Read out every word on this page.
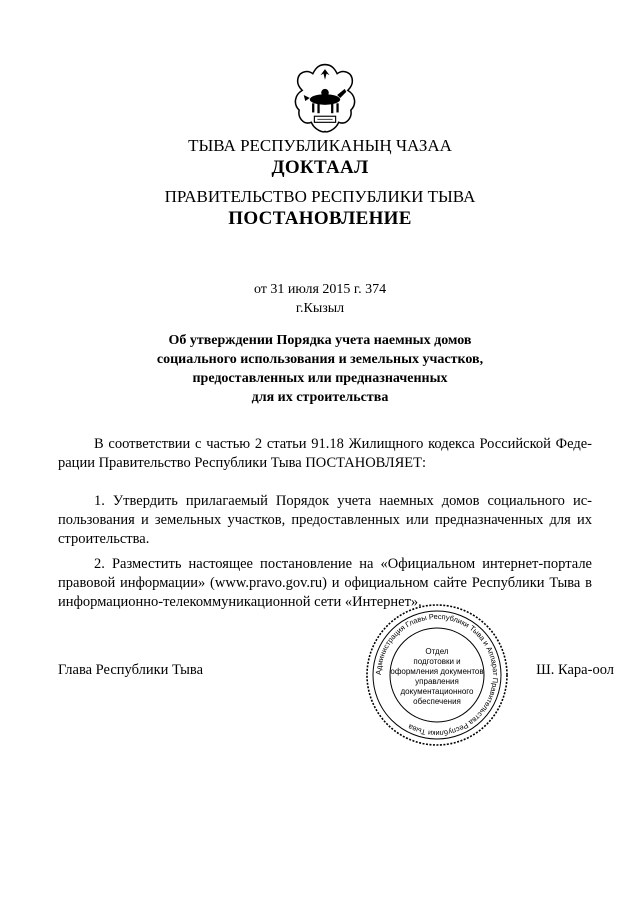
ТЫВА РЕСПУБЛИКАНЫҢ ЧАЗАА
ДОКТААЛ
ПРАВИТЕЛЬСТВО РЕСПУБЛИКИ ТЫВА
ПОСТАНОВЛЕНИЕ
от 31 июля 2015 г. 374
г.Кызыл
Об утверждении Порядка учета наемных домов
социального использования и земельных участков,
предоставленных или предназначенных
для их строительства
В соответствии с частью 2 статьи 91.18 Жилищного кодекса Российской Феде-
рации Правительство Республики Тыва ПОСТАНОВЛЯЕТ:
1. Утвердить прилагаемый Порядок учета наемных домов социального ис-
пользования и земельных участков, предоставленных или предназначенных для их
строительства.
2. Разместить настоящее постановление на «Официальном интернет-портале
правовой информации» (www.pravo.gov.ru) и официальном сайте Республики Тыва в
информационно-телекоммуникационной сети «Интернет».
Глава Республики Тыва	Ш. Кара-оол
Администрация Главы Республики Тыва и Аппарат Правительства Республики Тыва
Отдел
подготовки и
оформления документов
управления
документационного
обеспечения
